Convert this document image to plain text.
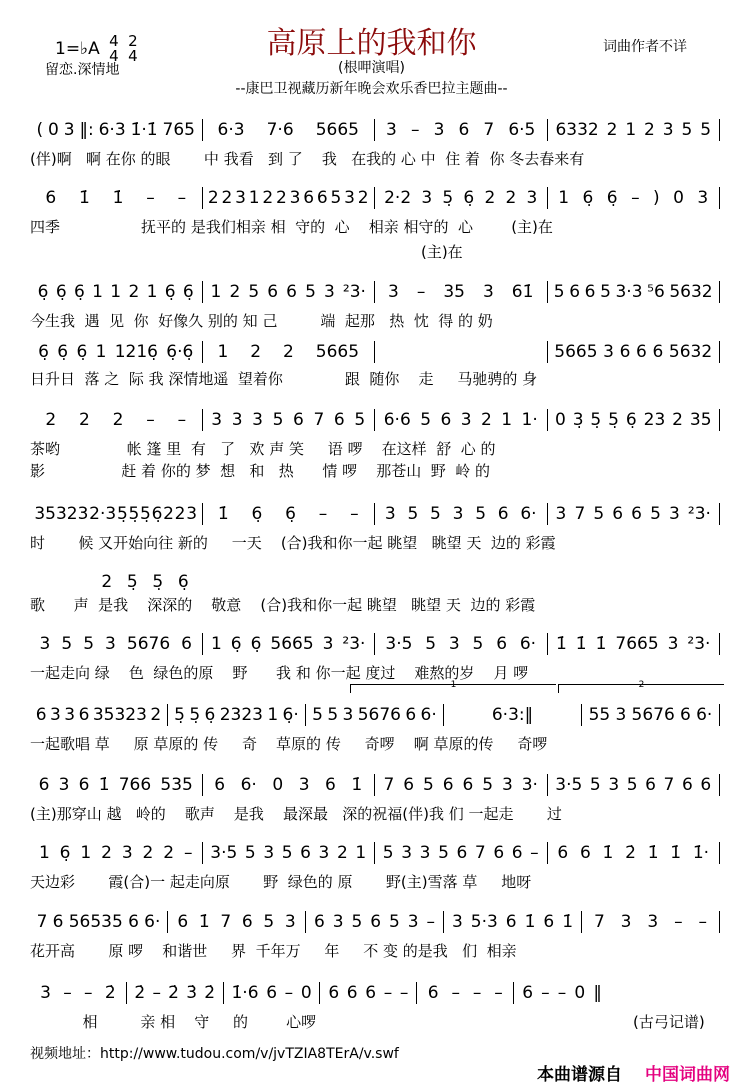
1=♭A 4
4 2
4
留恋.深情地
高原上的我和你
(根呷演唱)
--康巴卫视藏历新年晚会欢乐香巴拉主题曲--
词曲作者不详
( 0 3 ‖: 6·3 1̇·1̇ 765 6·3 7·6 5665 3 – 3 6 7 6·5 6332 2 1 2 3 5 5
(伴)啊   啊 在你 的眼       中 我看   到 了    我   在我的 心 中  住 着  你 冬去春来有
6 1̇ 1̇ – – 2 2 3 1 2 2 3 6 6 5 3 2 2·2 3 5̣ 6̣ 2 2 3 1 6̣ 6̣ – ) 0 3
四季                 抚平的 是我们相亲 相  守的  心    相亲 相守的  心        (主)在
(主)在
6̣ 6̣ 6̣ 1 1 2 1 6̣ 6̣ 1 2 5 6 6 5 3 ²3· 3 – 35 3 61̇ 5 6 6 5 3·3 ⁵6 5632
今生我  遇  见  你  好像久 别的 知 己         端  起那   热  忱  得 的 奶
6̣ 6̣ 6̣ 1 1216̣ 6̣·6̣ 1 2 2 5665	5665 3 6 6 6 5632
日升日  落 之  际 我 深情地遥  望着你             跟  随你    走     马驰骋的 身
2 2 2 – – 3 3 3 5 6 7 6 5 6·6 5 6 3 2 1 1· 0 3̣ 5̣ 5̣ 6̣ 23 2 35
茶哟              帐 篷 里  有   了   欢 声 笑     语 啰    在这样  舒  心 的
影                赶 着 你的 梦  想   和   热      情 啰    那苍山  野  岭 的
35323 2·3 5̣ 5̣ 5̣ 6̣ 2 2 3 1̇ 6̣ 6̣ – – 3 5 5 3 5 6 6· 3 7 5 6 6 5 3 ²3·
时       候 又开始向往 新的     一天    (合)我和你一起 眺望   眺望 天  边的 彩霞
2 5̣ 5̣ 6̣
歌      声  是我    深深的    敬意    (合)我和你一起 眺望   眺望 天  边的 彩霞
3 5 5 3 5676 6 1 6̣ 6̣ 5665 3 ²3· 3·5 5 3 5 6 6· 1̇ 1̇ 1̇ 7665 3 ²3·
一起走向 绿    色  绿色的原    野      我 和 你一起 度过    难熬的岁    月 啰
1	2
6 3 3 6 35323 2 5̣ 5̣ 6̣ 2323 1 6̣· 5 5 3 5676 6 6·	6·3:‖	55 3 5676 6 6·
一起歌唱 草     原 草原的 传     奇    草原的 传     奇啰    啊 草原的传     奇啰
6 3 6 1̇ 766 535 6 6· 0 3 6 1̇ 7 6 5 6 6 5 3 3· 3·5 5 3 5 6 7 6 6
(主)那穿山 越   岭的    歌声    是我    最深最   深的祝福(伴)我 们 一起走       过
1 6̣ 1 2 3 2 2 – 3·5 5 3 5 6 3 2 1 5 3 3 5 6 7 6 6 – 6 6 1̇ 2̇ 1̇ 1̇ 1̇·
天边彩       霞(合)一 起走向原       野  绿色的 原       野(主)雪落 草     地呀
7 6 56535 6 6· 6 1̇ 7 6 5 3 6 3 5 6 5 3 – 3 5·3 6 1̇ 6 1̇ 7 3 3 – –
花开高       原 啰    和谐世     界  千年万     年     不 变 的是我   们  相亲
3 – – 2̇ 2̇ – 2̇ 3̇ 2̇ 1̇·6 6 – 0 6 6 6 – – 6 – – – 6 – – 0 ‖
相         亲 相    守     的        心啰	(古弓记谱)
视频地址：http://www.tudou.com/v/jvTZIA8TErA/v.swf
本曲谱源自 中国词曲网
